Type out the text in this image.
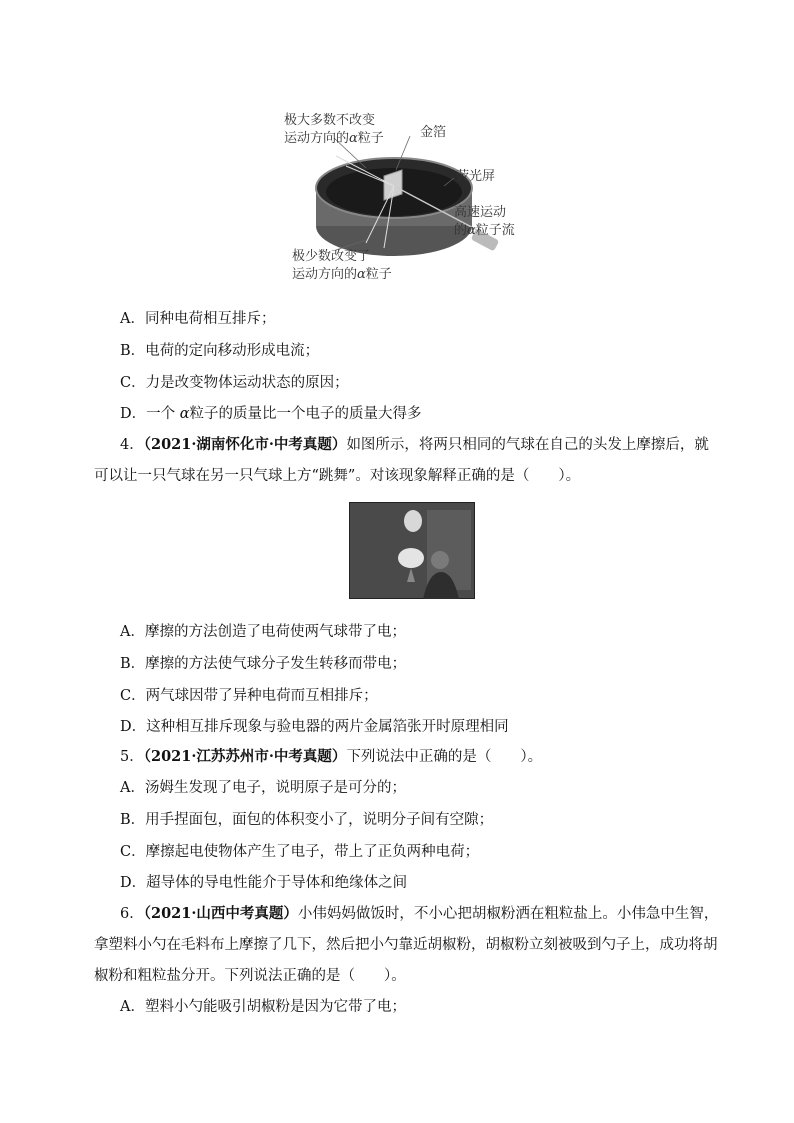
极大多数不改变
运动方向的α粒子	金箔
荧光屏
高速运动
的α粒子流
极少数改变了
运动方向的α粒子
A．同种电荷相互排斥；
B．电荷的定向移动形成电流；
C．力是改变物体运动状态的原因；
D．一个 α粒子的质量比一个电子的质量大得多
4．（2021·湖南怀化市·中考真题）如图所示，将两只相同的气球在自己的头发上摩擦后，就
可以让一只气球在另一只气球上方“跳舞”。对该现象解释正确的是（　　）。
A．摩擦的方法创造了电荷使两气球带了电；
B．摩擦的方法使气球分子发生转移而带电；
C．两气球因带了异种电荷而互相排斥；
D．这种相互排斥现象与验电器的两片金属箔张开时原理相同
5．（2021·江苏苏州市·中考真题）下列说法中正确的是（　　）。
A．汤姆生发现了电子，说明原子是可分的；
B．用手捏面包，面包的体积变小了，说明分子间有空隙；
C．摩擦起电使物体产生了电子，带上了正负两种电荷；
D．超导体的导电性能介于导体和绝缘体之间
6．（2021·山西中考真题）小伟妈妈做饭时，不小心把胡椒粉洒在粗粒盐上。小伟急中生智，
拿塑料小勺在毛料布上摩擦了几下，然后把小勺靠近胡椒粉，胡椒粉立刻被吸到勺子上，成功将胡
椒粉和粗粒盐分开。下列说法正确的是（　　）。
A．塑料小勺能吸引胡椒粉是因为它带了电；
